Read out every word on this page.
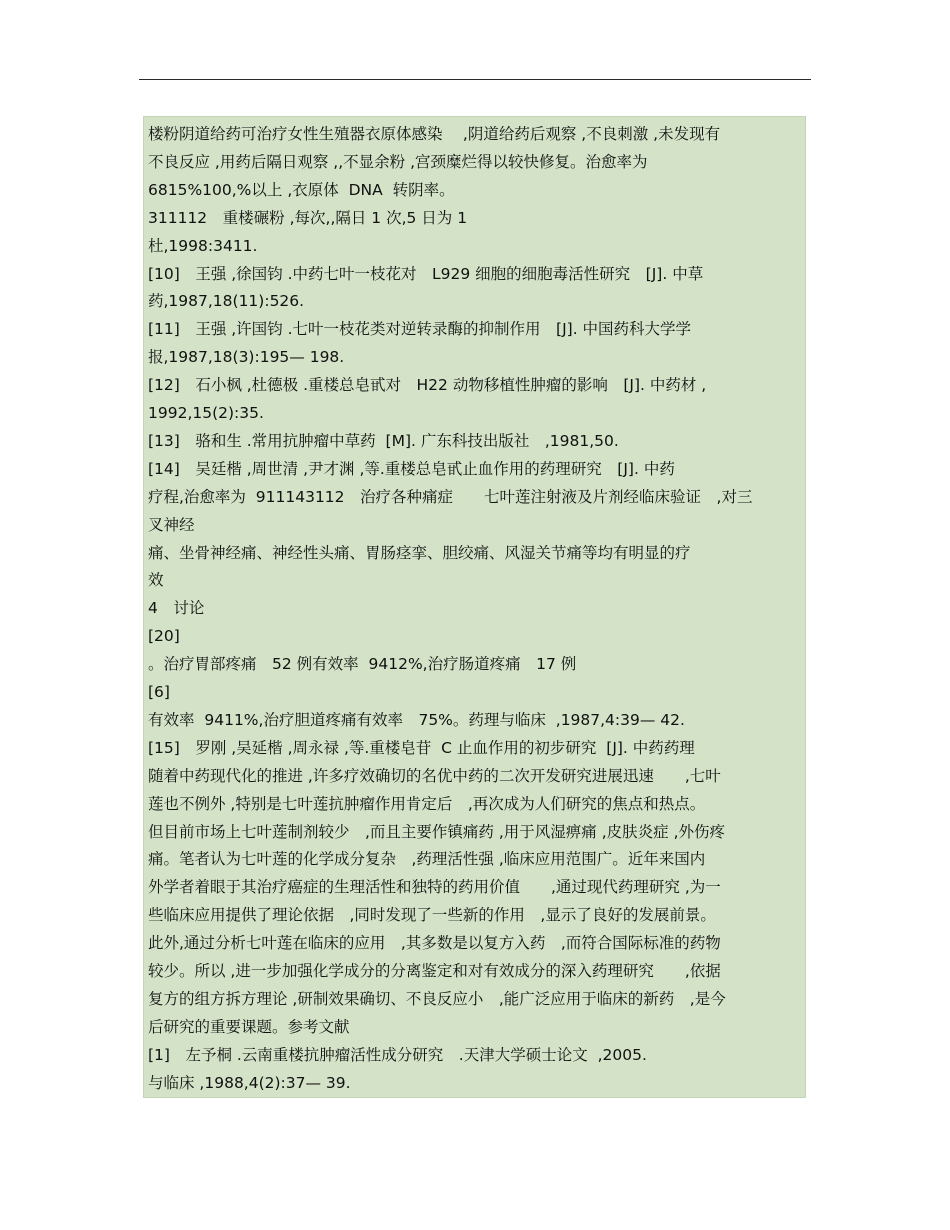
楼粉阴道给药可治疗女性生殖器衣原体感染　 ,阴道给药后观察 ,不良刺激 ,未发现有
不良反应 ,用药后隔日观察 ,,不显余粉 ,宫颈糜烂得以较快修复。治愈率为
6815%100,%以上 ,衣原体  DNA  转阴率。
311112　重楼碾粉 ,每次,,隔日 1 次,5 日为 1
杜,1998:3411.
[10]　王强 ,徐国钧 .中药七叶一枝花对　L929 细胞的细胞毒活性研究　[J]. 中草
药,1987,18(11):526.
[11]　王强 ,许国钧 .七叶一枝花类对逆转录酶的抑制作用　[J]. 中国药科大学学
报,1987,18(3):195— 198.
[12]　石小枫 ,杜德极 .重楼总皂甙对　H22 动物移植性肿瘤的影响　[J]. 中药材 ,
1992,15(2):35.
[13]　骆和生 .常用抗肿瘤中草药  [M]. 广东科技出版社　,1981,50.
[14]　吴廷楷 ,周世清 ,尹才渊 ,等.重楼总皂甙止血作用的药理研究　[J]. 中药
疗程,治愈率为  911143112　治疗各种痛症　　七叶莲注射液及片剂经临床验证　,对三
叉神经
痛、坐骨神经痛、神经性头痛、胃肠痉挛、胆绞痛、风湿关节痛等均有明显的疗
效
4　讨论
[20]
。治疗胃部疼痛　52 例有效率  9412%,治疗肠道疼痛　17 例
[6]
有效率  9411%,治疗胆道疼痛有效率　75%。药理与临床  ,1987,4:39— 42.
[15]　罗刚 ,吴延楷 ,周永禄 ,等.重楼皂苷  C 止血作用的初步研究  [J]. 中药药理
随着中药现代化的推进 ,许多疗效确切的名优中药的二次开发研究进展迅速　　,七叶
莲也不例外 ,特别是七叶莲抗肿瘤作用肯定后　,再次成为人们研究的焦点和热点。
但目前市场上七叶莲制剂较少　,而且主要作镇痛药 ,用于风湿痹痛 ,皮肤炎症 ,外伤疼
痛。笔者认为七叶莲的化学成分复杂　,药理活性强 ,临床应用范围广。近年来国内
外学者着眼于其治疗癌症的生理活性和独特的药用价值　　,通过现代药理研究 ,为一
些临床应用提供了理论依据　,同时发现了一些新的作用　,显示了良好的发展前景。
此外,通过分析七叶莲在临床的应用　,其多数是以复方入药　,而符合国际标准的药物
较少。所以 ,进一步加强化学成分的分离鉴定和对有效成分的深入药理研究　　,依据
复方的组方拆方理论 ,研制效果确切、不良反应小　,能广泛应用于临床的新药　,是今
后研究的重要课题。参考文献
[1]　左予桐 .云南重楼抗肿瘤活性成分研究　.天津大学硕士论文  ,2005.
与临床 ,1988,4(2):37— 39.
